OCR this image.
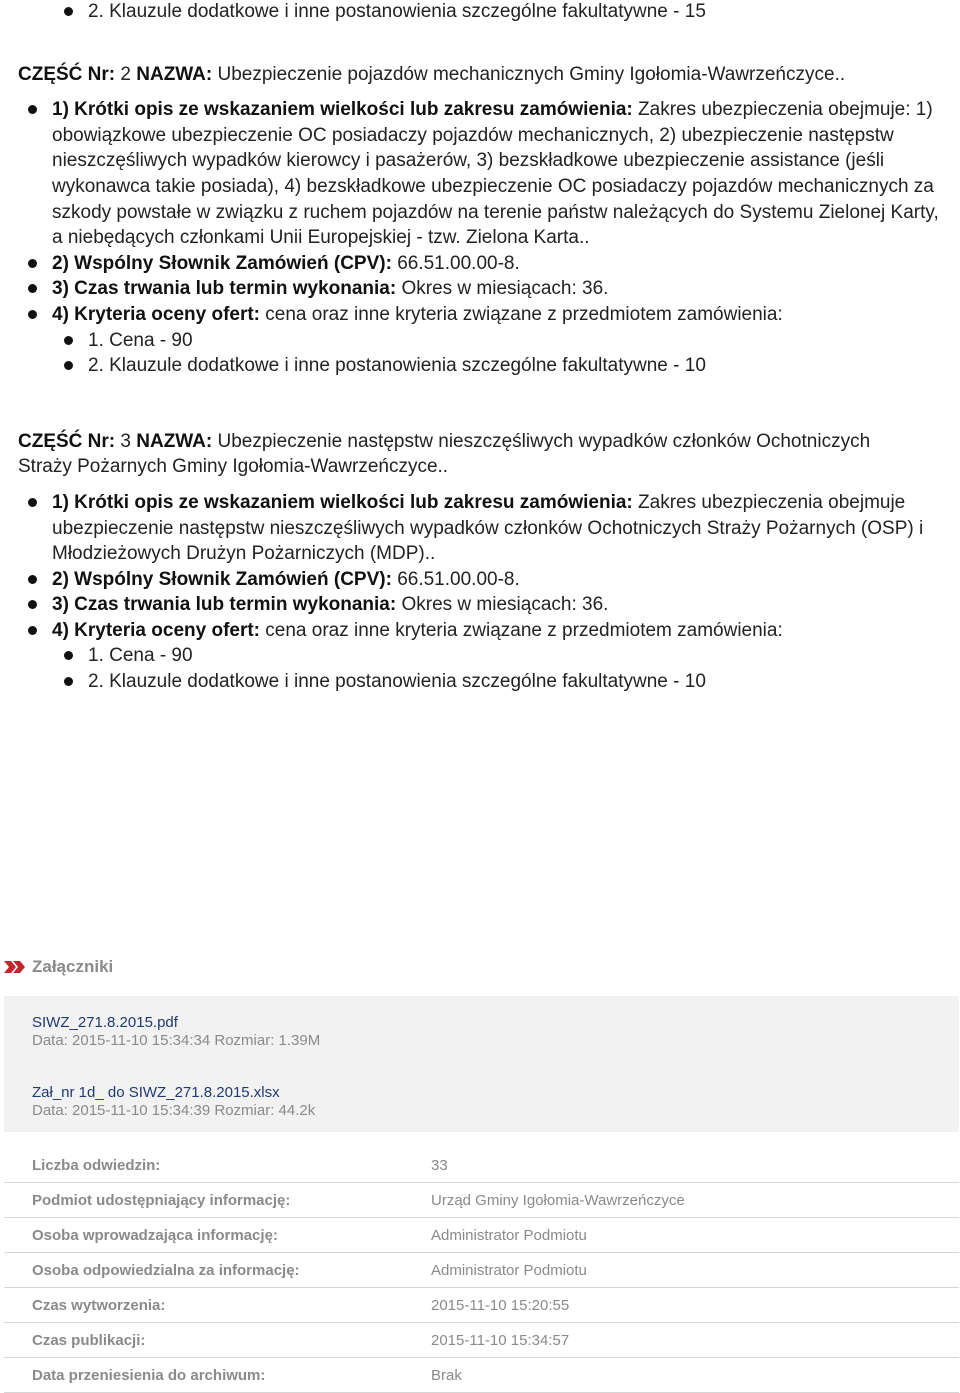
2. Klauzule dodatkowe i inne postanowienia szczególne fakultatywne - 15
CZĘŚĆ Nr: 2 NAZWA: Ubezpieczenie pojazdów mechanicznych Gminy Igołomia-Wawrzeńczyce..
1) Krótki opis ze wskazaniem wielkości lub zakresu zamówienia: Zakres ubezpieczenia obejmuje: 1) obowiązkowe ubezpieczenie OC posiadaczy pojazdów mechanicznych, 2) ubezpieczenie następstw nieszczęśliwych wypadków kierowcy i pasażerów, 3) bezskładkowe ubezpieczenie assistance (jeśli wykonawca takie posiada), 4) bezskładkowe ubezpieczenie OC posiadaczy pojazdów mechanicznych za szkody powstałe w związku z ruchem pojazdów na terenie państw należących do Systemu Zielonej Karty, a niebędących członkami Unii Europejskiej - tzw. Zielona Karta..
2) Wspólny Słownik Zamówień (CPV): 66.51.00.00-8.
3) Czas trwania lub termin wykonania: Okres w miesiącach: 36.
4) Kryteria oceny ofert: cena oraz inne kryteria związane z przedmiotem zamówienia:
1. Cena - 90
2. Klauzule dodatkowe i inne postanowienia szczególne fakultatywne - 10
CZĘŚĆ Nr: 3 NAZWA: Ubezpieczenie następstw nieszczęśliwych wypadków członków Ochotniczych Straży Pożarnych Gminy Igołomia-Wawrzeńczyce..
1) Krótki opis ze wskazaniem wielkości lub zakresu zamówienia: Zakres ubezpieczenia obejmuje ubezpieczenie następstw nieszczęśliwych wypadków członków Ochotniczych Straży Pożarnych (OSP) i Młodzieżowych Drużyn Pożarniczych (MDP)..
2) Wspólny Słownik Zamówień (CPV): 66.51.00.00-8.
3) Czas trwania lub termin wykonania: Okres w miesiącach: 36.
4) Kryteria oceny ofert: cena oraz inne kryteria związane z przedmiotem zamówienia:
1. Cena - 90
2. Klauzule dodatkowe i inne postanowienia szczególne fakultatywne - 10
Załączniki
SIWZ_271.8.2015.pdf
Data: 2015-11-10 15:34:34 Rozmiar: 1.39M
Zał_nr 1d_ do SIWZ_271.8.2015.xlsx
Data: 2015-11-10 15:34:39 Rozmiar: 44.2k
Liczba odwiedzin:	33
Podmiot udostępniający informację:	Urząd Gminy Igołomia-Wawrzeńczyce
Osoba wprowadzająca informację:	Administrator Podmiotu
Osoba odpowiedzialna za informację:	Administrator Podmiotu
Czas wytworzenia:	2015-11-10 15:20:55
Czas publikacji:	2015-11-10 15:34:57
Data przeniesienia do archiwum:	Brak
